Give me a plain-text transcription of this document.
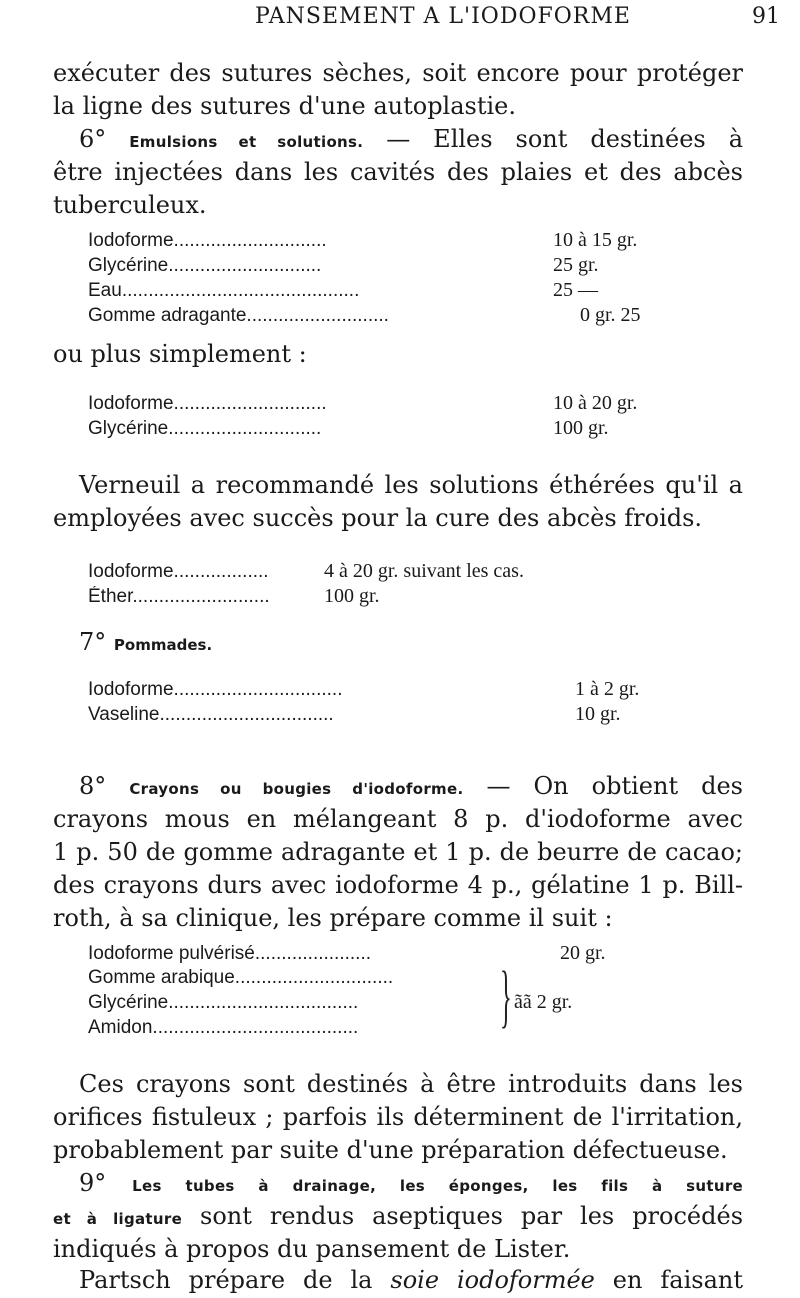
PANSEMENT A L'IODOFORME	91
exécuter des sutures sèches, soit encore pour protéger
la ligne des sutures d'une autoplastie.
6° Emulsions et solutions. — Elles sont destinées à
être injectées dans les cavités des plaies et des abcès
tuberculeux.
Iodoforme.............................	10 à 15 gr.
Glycérine.............................	25 gr.
Eau.............................................	25 —
Gomme adragante...........................	0 gr. 25
ou plus simplement :
Iodoforme.............................	10 à 20 gr.
Glycérine.............................	100 gr.
Verneuil a recommandé les solutions éthérées qu'il a
employées avec succès pour la cure des abcès froids.
Iodoforme..................	4 à 20 gr. suivant les cas.
Éther..........................	100 gr.
7° Pommades.
Iodoforme................................	1 à 2 gr.
Vaseline.................................	10 gr.
8° Crayons ou bougies d'iodoforme. — On obtient des
crayons mous en mélangeant 8 p. d'iodoforme avec
1 p. 50 de gomme adragante et 1 p. de beurre de cacao;
des crayons durs avec iodoforme 4 p., gélatine 1 p. Bill-
roth, à sa clinique, les prépare comme il suit :
Iodoforme pulvérisé......................	20 gr.
Gomme arabique..............................
Glycérine....................................
Amidon.......................................	} ãã 2 gr.
Ces crayons sont destinés à être introduits dans les
orifices fistuleux ; parfois ils déterminent de l'irritation,
probablement par suite d'une préparation défectueuse.
9° Les tubes à drainage, les éponges, les fils à suture
et à ligature sont rendus aseptiques par les procédés
indiqués à propos du pansement de Lister.
Partsch prépare de la soie iodoformée en faisant
